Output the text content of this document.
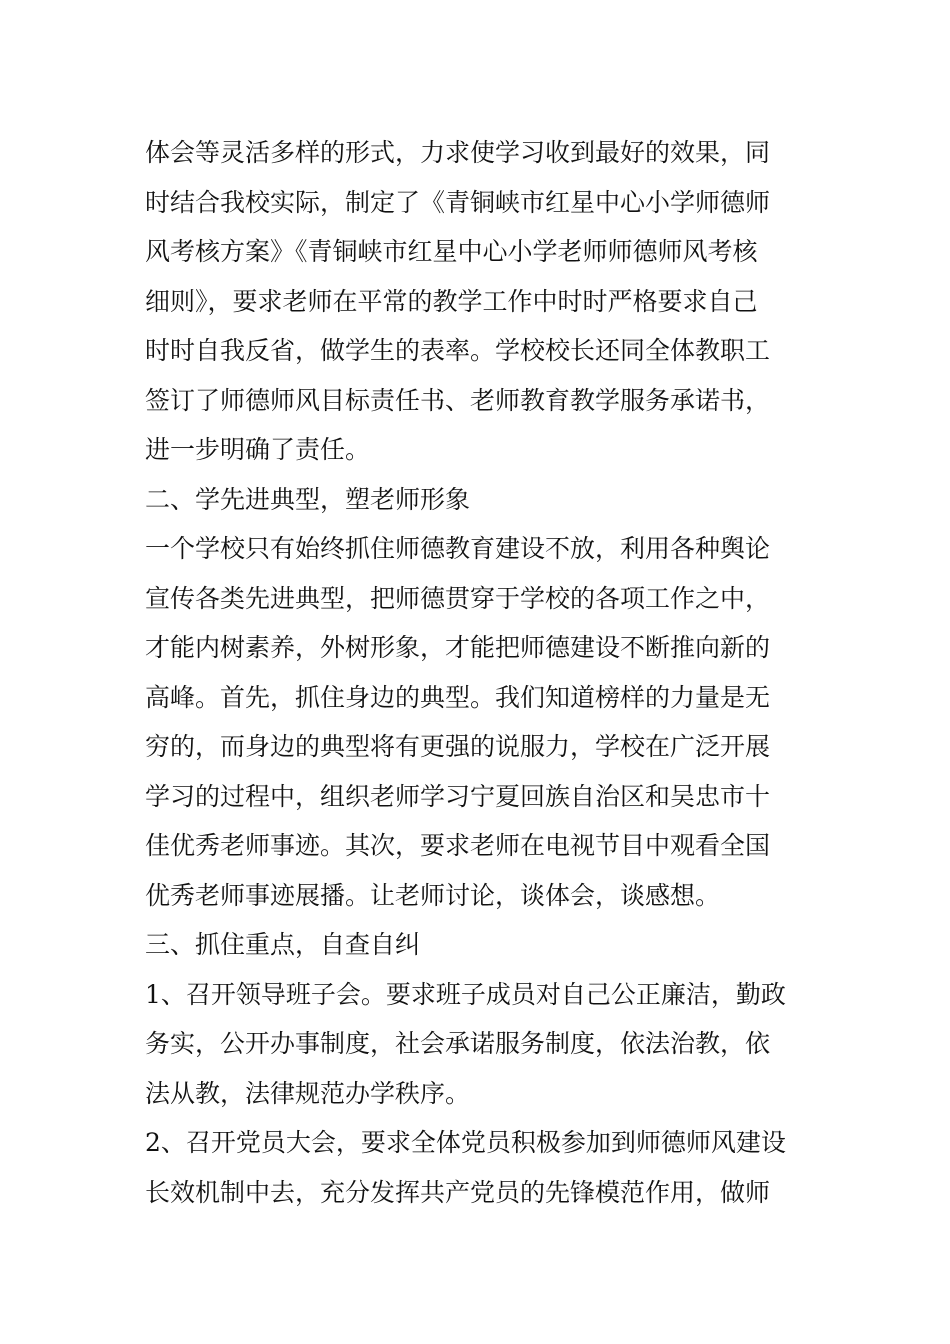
体会等灵活多样的形式，力求使学习收到最好的效果，同
时结合我校实际，制定了《青铜峡市红星中心小学师德师
风考核方案》《青铜峡市红星中心小学老师师德师风考核
细则》，要求老师在平常的教学工作中时时严格要求自己
时时自我反省，做学生的表率。学校校长还同全体教职工
签订了师德师风目标责任书、老师教育教学服务承诺书，
进一步明确了责任。
二、学先进典型，塑老师形象
一个学校只有始终抓住师德教育建设不放，利用各种舆论
宣传各类先进典型，把师德贯穿于学校的各项工作之中，
才能内树素养，外树形象，才能把师德建设不断推向新的
高峰。首先，抓住身边的典型。我们知道榜样的力量是无
穷的，而身边的典型将有更强的说服力，学校在广泛开展
学习的过程中，组织老师学习宁夏回族自治区和吴忠市十
佳优秀老师事迹。其次，要求老师在电视节目中观看全国
优秀老师事迹展播。让老师讨论，谈体会，谈感想。
三、抓住重点，自查自纠
1、召开领导班子会。要求班子成员对自己公正廉洁，勤政
务实，公开办事制度，社会承诺服务制度，依法治教，依
法从教，法律规范办学秩序。
2、召开党员大会，要求全体党员积极参加到师德师风建设
长效机制中去，充分发挥共产党员的先锋模范作用，做师
